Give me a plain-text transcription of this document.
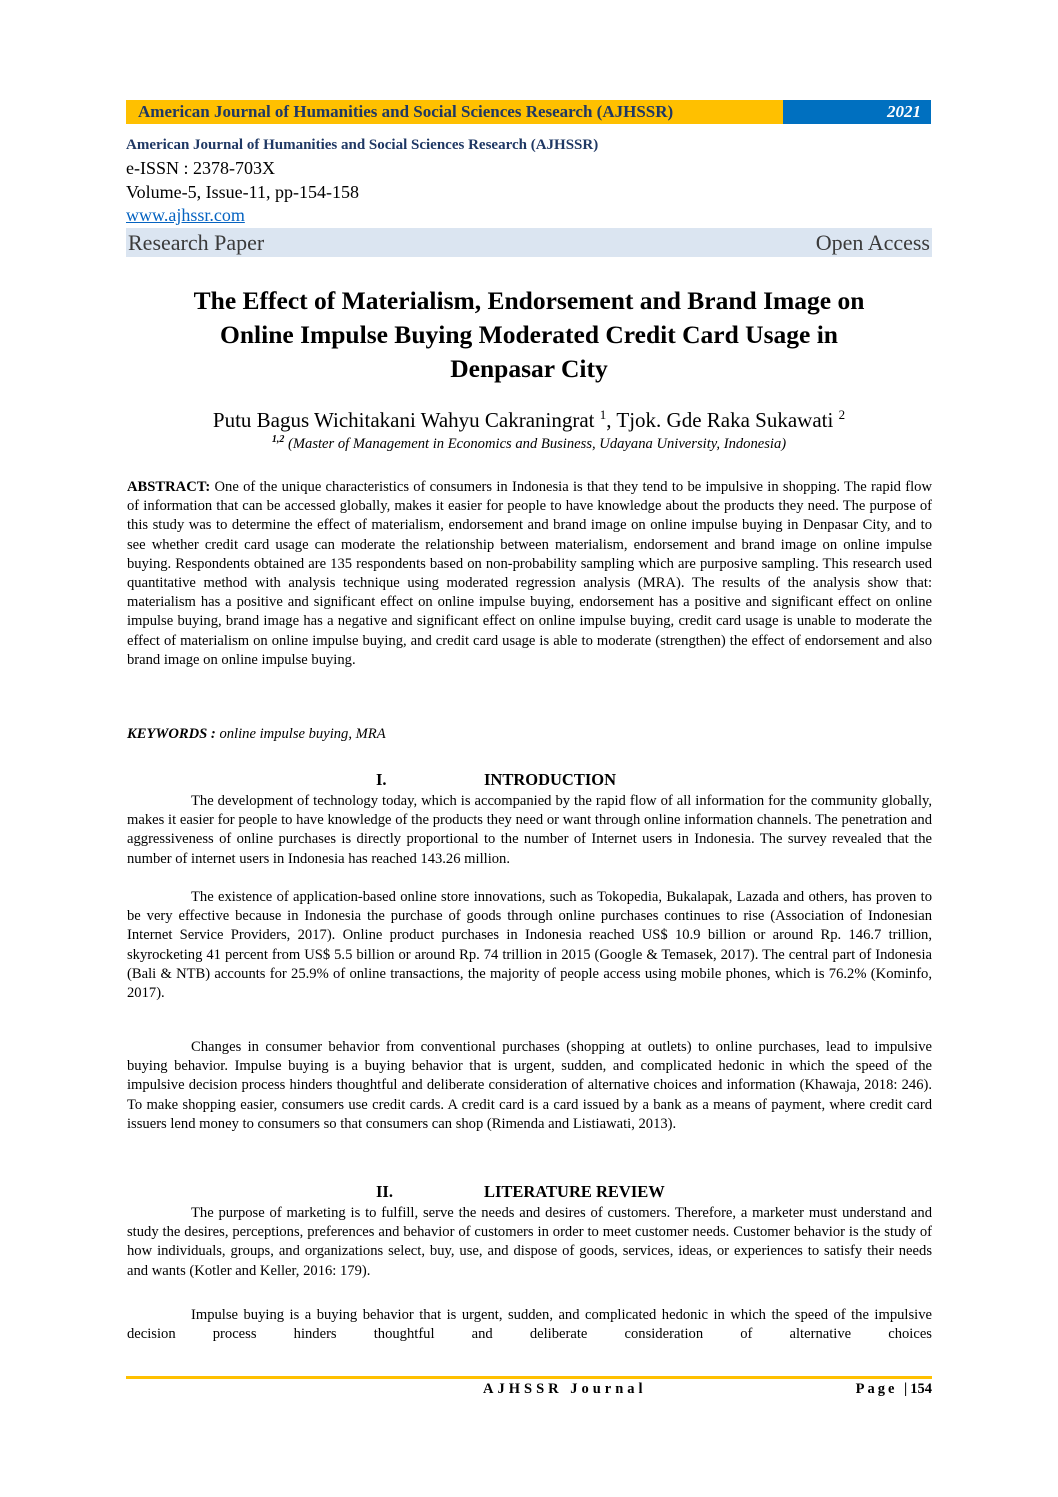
American Journal of Humanities and Social Sciences Research (AJHSSR)	2021
American Journal of Humanities and Social Sciences Research (AJHSSR)
e-ISSN : 2378-703X
Volume-5, Issue-11, pp-154-158
www.ajhssr.com
Research Paper	Open Access
The Effect of Materialism, Endorsement and Brand Image on
Online Impulse Buying Moderated Credit Card Usage in
Denpasar City
Putu Bagus Wichitakani Wahyu Cakraningrat $^1$, Tjok. Gde Raka Sukawati $^2$
$^{1,2}$ (Master of Management in Economics and Business, Udayana University, Indonesia)
ABSTRACT: One of the unique characteristics of consumers in Indonesia is that they tend to be impulsive in shopping. The rapid flow of information that can be accessed globally, makes it easier for people to have knowledge about the products they need. The purpose of this study was to determine the effect of materialism, endorsement and brand image on online impulse buying in Denpasar City, and to see whether credit card usage can moderate the relationship between materialism, endorsement and brand image on online impulse buying. Respondents obtained are 135 respondents based on non-probability sampling which are purposive sampling. This research used quantitative method with analysis technique using moderated regression analysis (MRA). The results of the analysis show that: materialism has a positive and significant effect on online impulse buying, endorsement has a positive and significant effect on online impulse buying, brand image has a negative and significant effect on online impulse buying, credit card usage is unable to moderate the effect of materialism on online impulse buying, and credit card usage is able to moderate (strengthen) the effect of endorsement and also brand image on online impulse buying.
KEYWORDS : online impulse buying, MRA
I.	INTRODUCTION
The development of technology today, which is accompanied by the rapid flow of all information for the community globally, makes it easier for people to have knowledge of the products they need or want through online information channels. The penetration and aggressiveness of online purchases is directly proportional to the number of Internet users in Indonesia. The survey revealed that the number of internet users in Indonesia has reached 143.26 million.
The existence of application-based online store innovations, such as Tokopedia, Bukalapak, Lazada and others, has proven to be very effective because in Indonesia the purchase of goods through online purchases continues to rise (Association of Indonesian Internet Service Providers, 2017). Online product purchases in Indonesia reached US$ 10.9 billion or around Rp. 146.7 trillion, skyrocketing 41 percent from US$ 5.5 billion or around Rp. 74 trillion in 2015 (Google & Temasek, 2017). The central part of Indonesia (Bali & NTB) accounts for 25.9% of online transactions, the majority of people access using mobile phones, which is 76.2% (Kominfo, 2017).
Changes in consumer behavior from conventional purchases (shopping at outlets) to online purchases, lead to impulsive buying behavior. Impulse buying is a buying behavior that is urgent, sudden, and complicated hedonic in which the speed of the impulsive decision process hinders thoughtful and deliberate consideration of alternative choices and information (Khawaja, 2018: 246). To make shopping easier, consumers use credit cards. A credit card is a card issued by a bank as a means of payment, where credit card issuers lend money to consumers so that consumers can shop (Rimenda and Listiawati, 2013).
II.	LITERATURE REVIEW
The purpose of marketing is to fulfill, serve the needs and desires of customers. Therefore, a marketer must understand and study the desires, perceptions, preferences and behavior of customers in order to meet customer needs. Customer behavior is the study of how individuals, groups, and organizations select, buy, use, and dispose of goods, services, ideas, or experiences to satisfy their needs and wants (Kotler and Keller, 2016: 179).
Impulse buying is a buying behavior that is urgent, sudden, and complicated hedonic in which the speed of the impulsive decision process hinders thoughtful and deliberate consideration of alternative choices
AJHSSR Journal	Page |154
